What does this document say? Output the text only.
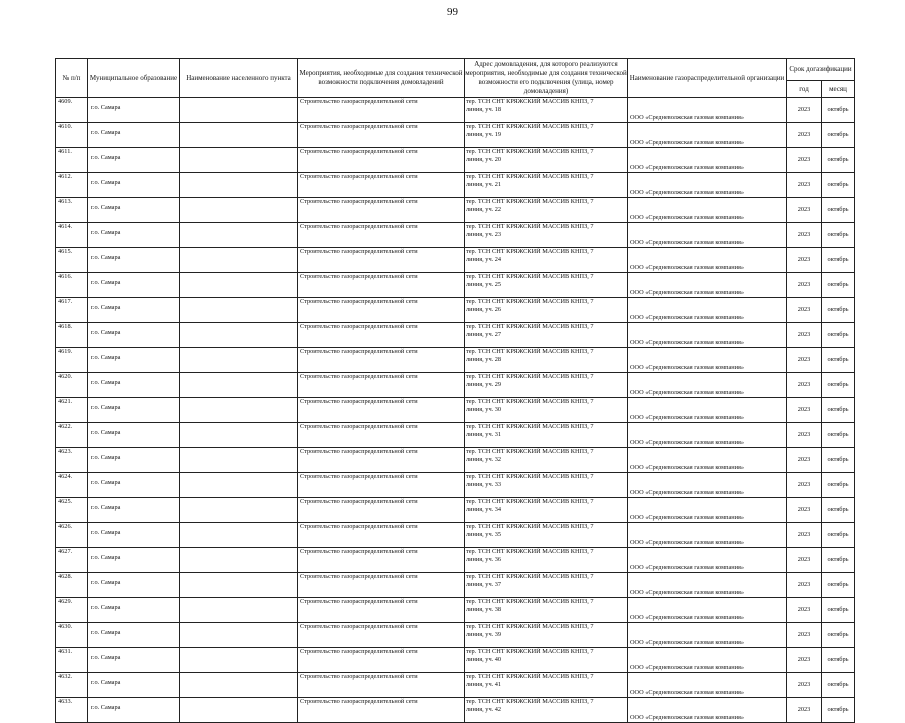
99
№ п/п	Муниципальное образование	Наименование населенного пункта	Мероприятия, необходимые для создания технической возможности подключения домовладений	Адрес домовладения, для которого реализуются мероприятия, необходимые для создания технической возможности его подключения (улица, номер домовладения)	Наименование газораспределительной организации	Срок догазификации	
						год	месяц
4609.	г.о. Самара		Строительство газораспределительной сети	тер. ТСН СНТ КРЯЖСКИЙ МАССИВ КНПЗ, 7
линия, уч. 18	ООО «Средневолжская газовая компания»	2023	октябрь
4610.	г.о. Самара		Строительство газораспределительной сети	тер. ТСН СНТ КРЯЖСКИЙ МАССИВ КНПЗ, 7
линия, уч. 19	ООО «Средневолжская газовая компания»	2023	октябрь
4611.	г.о. Самара		Строительство газораспределительной сети	тер. ТСН СНТ КРЯЖСКИЙ МАССИВ КНПЗ, 7
линия, уч. 20	ООО «Средневолжская газовая компания»	2023	октябрь
4612.	г.о. Самара		Строительство газораспределительной сети	тер. ТСН СНТ КРЯЖСКИЙ МАССИВ КНПЗ, 7
линия, уч. 21	ООО «Средневолжская газовая компания»	2023	октябрь
4613.	г.о. Самара		Строительство газораспределительной сети	тер. ТСН СНТ КРЯЖСКИЙ МАССИВ КНПЗ, 7
линия, уч. 22	ООО «Средневолжская газовая компания»	2023	октябрь
4614.	г.о. Самара		Строительство газораспределительной сети	тер. ТСН СНТ КРЯЖСКИЙ МАССИВ КНПЗ, 7
линия, уч. 23	ООО «Средневолжская газовая компания»	2023	октябрь
4615.	г.о. Самара		Строительство газораспределительной сети	тер. ТСН СНТ КРЯЖСКИЙ МАССИВ КНПЗ, 7
линия, уч. 24	ООО «Средневолжская газовая компания»	2023	октябрь
4616.	г.о. Самара		Строительство газораспределительной сети	тер. ТСН СНТ КРЯЖСКИЙ МАССИВ КНПЗ, 7
линия, уч. 25	ООО «Средневолжская газовая компания»	2023	октябрь
4617.	г.о. Самара		Строительство газораспределительной сети	тер. ТСН СНТ КРЯЖСКИЙ МАССИВ КНПЗ, 7
линия, уч. 26	ООО «Средневолжская газовая компания»	2023	октябрь
4618.	г.о. Самара		Строительство газораспределительной сети	тер. ТСН СНТ КРЯЖСКИЙ МАССИВ КНПЗ, 7
линия, уч. 27	ООО «Средневолжская газовая компания»	2023	октябрь
4619.	г.о. Самара		Строительство газораспределительной сети	тер. ТСН СНТ КРЯЖСКИЙ МАССИВ КНПЗ, 7
линия, уч. 28	ООО «Средневолжская газовая компания»	2023	октябрь
4620.	г.о. Самара		Строительство газораспределительной сети	тер. ТСН СНТ КРЯЖСКИЙ МАССИВ КНПЗ, 7
линия, уч. 29	ООО «Средневолжская газовая компания»	2023	октябрь
4621.	г.о. Самара		Строительство газораспределительной сети	тер. ТСН СНТ КРЯЖСКИЙ МАССИВ КНПЗ, 7
линия, уч. 30	ООО «Средневолжская газовая компания»	2023	октябрь
4622.	г.о. Самара		Строительство газораспределительной сети	тер. ТСН СНТ КРЯЖСКИЙ МАССИВ КНПЗ, 7
линия, уч. 31	ООО «Средневолжская газовая компания»	2023	октябрь
4623.	г.о. Самара		Строительство газораспределительной сети	тер. ТСН СНТ КРЯЖСКИЙ МАССИВ КНПЗ, 7
линия, уч. 32	ООО «Средневолжская газовая компания»	2023	октябрь
4624.	г.о. Самара		Строительство газораспределительной сети	тер. ТСН СНТ КРЯЖСКИЙ МАССИВ КНПЗ, 7
линия, уч. 33	ООО «Средневолжская газовая компания»	2023	октябрь
4625.	г.о. Самара		Строительство газораспределительной сети	тер. ТСН СНТ КРЯЖСКИЙ МАССИВ КНПЗ, 7
линия, уч. 34	ООО «Средневолжская газовая компания»	2023	октябрь
4626.	г.о. Самара		Строительство газораспределительной сети	тер. ТСН СНТ КРЯЖСКИЙ МАССИВ КНПЗ, 7
линия, уч. 35	ООО «Средневолжская газовая компания»	2023	октябрь
4627.	г.о. Самара		Строительство газораспределительной сети	тер. ТСН СНТ КРЯЖСКИЙ МАССИВ КНПЗ, 7
линия, уч. 36	ООО «Средневолжская газовая компания»	2023	октябрь
4628.	г.о. Самара		Строительство газораспределительной сети	тер. ТСН СНТ КРЯЖСКИЙ МАССИВ КНПЗ, 7
линия, уч. 37	ООО «Средневолжская газовая компания»	2023	октябрь
4629.	г.о. Самара		Строительство газораспределительной сети	тер. ТСН СНТ КРЯЖСКИЙ МАССИВ КНПЗ, 7
линия, уч. 38	ООО «Средневолжская газовая компания»	2023	октябрь
4630.	г.о. Самара		Строительство газораспределительной сети	тер. ТСН СНТ КРЯЖСКИЙ МАССИВ КНПЗ, 7
линия, уч. 39	ООО «Средневолжская газовая компания»	2023	октябрь
4631.	г.о. Самара		Строительство газораспределительной сети	тер. ТСН СНТ КРЯЖСКИЙ МАССИВ КНПЗ, 7
линия, уч. 40	ООО «Средневолжская газовая компания»	2023	октябрь
4632.	г.о. Самара		Строительство газораспределительной сети	тер. ТСН СНТ КРЯЖСКИЙ МАССИВ КНПЗ, 7
линия, уч. 41	ООО «Средневолжская газовая компания»	2023	октябрь
4633.	г.о. Самара		Строительство газораспределительной сети	тер. ТСН СНТ КРЯЖСКИЙ МАССИВ КНПЗ, 7
линия, уч. 42	ООО «Средневолжская газовая компания»	2023	октябрь
